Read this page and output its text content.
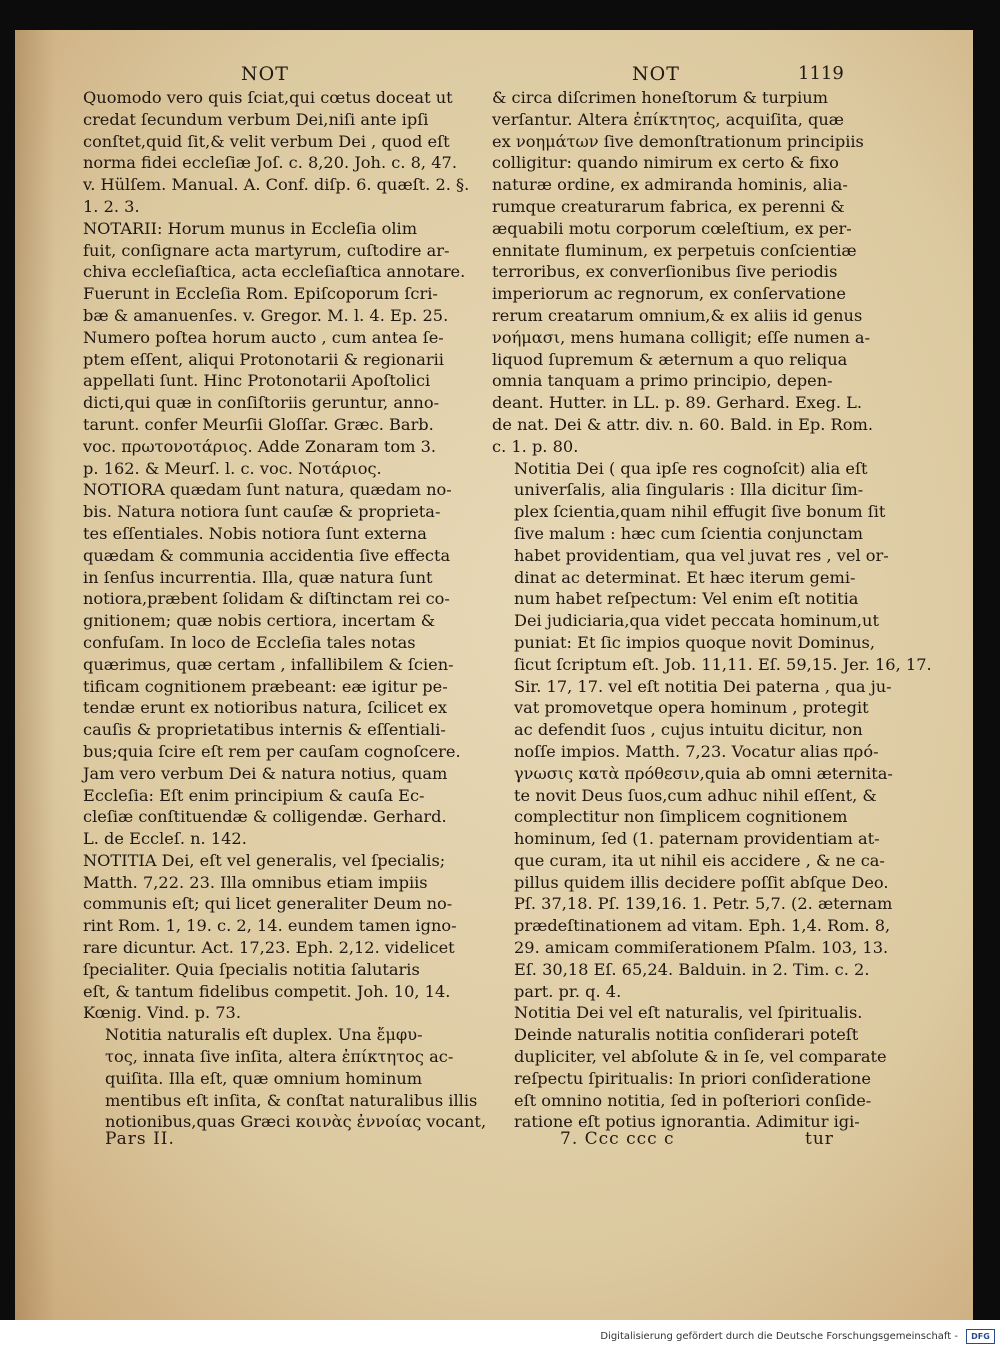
NOT	NOT	1119

Quomodo vero quis ſciat,qui cœtus doceat ut
credat ſecundum verbum Dei,niſi ante ipſi
conſtet,quid ſit,& velit verbum Dei , quod eſt
norma fidei eccleſiæ Joſ. c. 8,20. Joh. c. 8, 47.
v. Hülſem. Manual. A. Conf. diſp. 6. quæſt. 2. §.
1. 2. 3.

NOTARII: Horum munus in Eccleſia olim
fuit, conſignare acta martyrum, cuſtodire ar-
chiva eccleſiaſtica, acta eccleſiaſtica annotare.
Fuerunt in Eccleſia Rom. Epiſcoporum ſcri-
bæ & amanuenſes. v. Gregor. M. l. 4. Ep. 25.
Numero poſtea horum aucto , cum antea ſe-
ptem eſſent, aliqui Protonotarii & regionarii
appellati ſunt. Hinc Protonotarii Apoſtolici
dicti,qui quæ in conſiſtoriis geruntur, anno-
tarunt. confer Meurſii Gloſſar. Græc. Barb.
voc. πρωτονοτάριος. Adde Zonaram tom 3.
p. 162. & Meurſ. l. c. voc. Νοτάριος.

NOTIORA quædam ſunt natura, quædam no-
bis. Natura notiora ſunt cauſæ & proprieta-
tes eſſentiales. Nobis notiora ſunt externa
quædam & communia accidentia ſive effecta
in ſenſus incurrentia. Illa, quæ natura ſunt
notiora,præbent ſolidam & diſtinctam rei co-
gnitionem; quæ nobis certiora, incertam &
confuſam. In loco de Eccleſia tales notas
quærimus, quæ certam , infallibilem & ſcien-
tificam cognitionem præbeant: eæ igitur pe-
tendæ erunt ex notioribus natura, ſcilicet ex
cauſis & proprietatibus internis & eſſentiali-
bus;quia ſcire eſt rem per cauſam cognoſcere.
Jam vero verbum Dei & natura notius, quam
Eccleſia: Eſt enim principium & cauſa Ec-
cleſiæ conſtituendæ & colligendæ. Gerhard.
L. de Eccleſ. n. 142.

NOTITIA Dei, eſt vel generalis, vel ſpecialis;
Matth. 7,22. 23. Illa omnibus etiam impiis
communis eſt; qui licet generaliter Deum no-
rint Rom. 1, 19. c. 2, 14. eundem tamen igno-
rare dicuntur. Act. 17,23. Eph. 2,12. videlicet
ſpecialiter. Quia ſpecialis notitia ſalutaris
eſt, & tantum fidelibus competit. Joh. 10, 14.
Kœnig. Vind. p. 73.

Notitia naturalis eſt duplex. Una ἔμφυ-
τος, innata ſive inſita, altera ἐπίκτητος ac-
quiſita. Illa eſt, quæ omnium hominum
mentibus eſt inſita, & conſtat naturalibus illis
notionibus,quas Græci κοινὰς ἐννοίας vocant,

& circa diſcrimen honeſtorum & turpium
verſantur. Altera ἐπίκτητος, acquiſita, quæ
ex νοημάτων ſive demonſtrationum principiis
colligitur: quando nimirum ex certo & fixo
naturæ ordine, ex admiranda hominis, alia-
rumque creaturarum fabrica, ex perenni &
æquabili motu corporum cœleſtium, ex per-
ennitate fluminum, ex perpetuis conſcientiæ
terroribus, ex converſionibus ſive periodis
imperiorum ac regnorum, ex conſervatione
rerum creatarum omnium,& ex aliis id genus
νοήμασι, mens humana colligit; eſſe numen a-
liquod ſupremum & æternum a quo reliqua
omnia tanquam a primo principio, depen-
deant. Hutter. in LL. p. 89. Gerhard. Exeg. L.
de nat. Dei & attr. div. n. 60. Bald. in Ep. Rom.
c. 1. p. 80.

Notitia Dei ( qua ipſe res cognoſcit) alia eſt
univerſalis, alia ſingularis : Illa dicitur ſim-
plex ſcientia,quam nihil effugit ſive bonum ſit
ſive malum : hæc cum ſcientia conjunctam
habet providentiam, qua vel juvat res , vel or-
dinat ac determinat. Et hæc iterum gemi-
num habet reſpectum: Vel enim eſt notitia
Dei judiciaria,qua videt peccata hominum,ut
puniat: Et ſic impios quoque novit Dominus,
ſicut ſcriptum eſt. Job. 11,11. Eſ. 59,15. Jer. 16, 17.
Sir. 17, 17. vel eſt notitia Dei paterna , qua ju-
vat promovetque opera hominum , protegit
ac defendit ſuos , cujus intuitu dicitur, non
noſſe impios. Matth. 7,23. Vocatur alias πρό-
γνωσις κατὰ πρόθεσιν,quia ab omni æternita-
te novit Deus ſuos,cum adhuc nihil eſſent, &
complectitur non ſimplicem cognitionem
hominum, ſed (1. paternam providentiam at-
que curam, ita ut nihil eis accidere , & ne ca-
pillus quidem illis decidere poſſit abſque Deo.
Pſ. 37,18. Pſ. 139,16. 1. Petr. 5,7. (2. æternam
prædeſtinationem ad vitam. Eph. 1,4. Rom. 8,
29. amicam commiſerationem Pſalm. 103, 13.
Eſ. 30,18 Eſ. 65,24. Balduin. in 2. Tim. c. 2.
part. pr. q. 4.

Notitia Dei vel eſt naturalis, vel ſpiritualis.
Deinde naturalis notitia conſiderari poteſt
dupliciter, vel abſolute & in ſe, vel comparate
reſpectu ſpiritualis: In priori conſideratione
eſt omnino notitia, ſed in poſteriori conſide-
ratione eſt potius ignorantia. Adimitur igi-

Pars II.	7. Ccc ccc c	tur
Digitalisierung gefördert durch die Deutsche Forschungsgemeinschaft -	DFG
